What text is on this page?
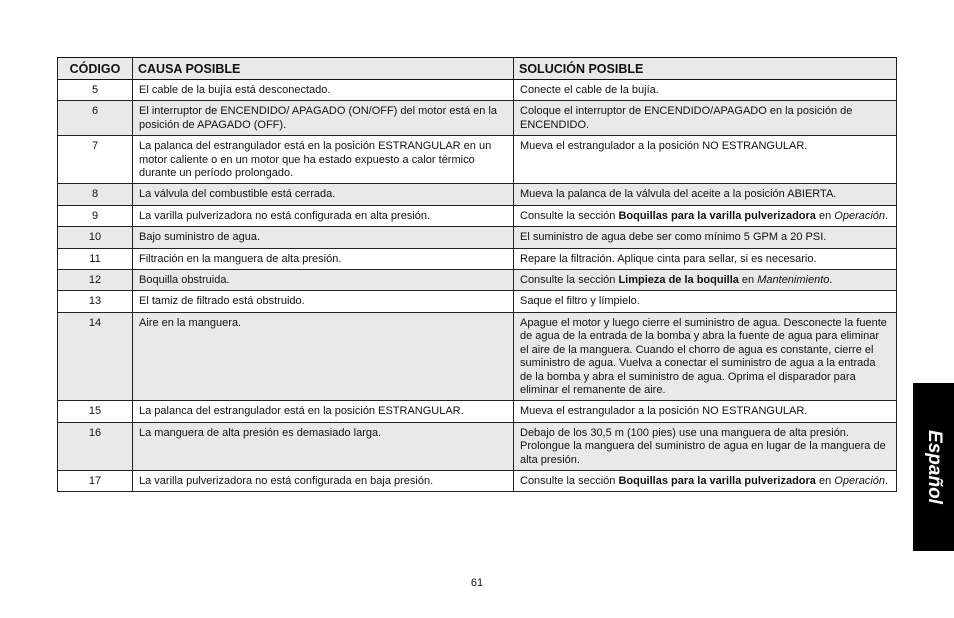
CÓDIGO	CAUSA POSIBLE	SOLUCIÓN POSIBLE
5	El cable de la bujía está desconectado.	Conecte el cable de la bujía.
6	El interruptor de ENCENDIDO/ APAGADO (ON/OFF) del motor está en la posición de APAGADO (OFF).	Coloque el interruptor de ENCENDIDO/APAGADO en la posición de ENCENDIDO.
7	La palanca del estrangulador está en la posición ESTRANGULAR en un motor caliente o en un motor que ha estado expuesto a calor térmico durante un período prolongado.	Mueva el estrangulador a la posición NO ESTRANGULAR.
8	La válvula del combustible está cerrada.	Mueva la palanca de la válvula del aceite a la posición ABIERTA.
9	La varilla pulverizadora no está configurada en alta presión.	Consulte la sección Boquillas para la varilla pulverizadora en Operación.
10	Bajo suministro de agua.	El suministro de agua debe ser como mínimo 5 GPM a 20 PSI.
11	Filtración en la manguera de alta presión.	Repare la filtración. Aplique cinta para sellar, si es necesario.
12	Boquilla obstruida.	Consulte la sección Limpieza de la boquilla en Mantenimiento.
13	El tamiz de filtrado está obstruido.	Saque el filtro y límpielo.
14	Aire en la manguera.	Apague el motor y luego cierre el suministro de agua. Desconecte la fuente de agua de la entrada de la bomba y abra la fuente de agua para eliminar el aire de la manguera. Cuando el chorro de agua es constante, cierre el suministro de agua. Vuelva a conectar el suministro de agua a la entrada de la bomba y abra el suministro de agua. Oprima el disparador para eliminar el remanente de aire.
15	La palanca del estrangulador está en la posición ESTRANGULAR.	Mueva el estrangulador a la posición NO ESTRANGULAR.
16	La manguera de alta presión es demasiado larga.	Debajo de los 30,5 m (100 pies) use una manguera de alta presión. Prolongue la manguera del suministro de agua en lugar de la manguera de alta presión.
17	La varilla pulverizadora no está configurada en baja presión.	Consulte la sección Boquillas para la varilla pulverizadora en Operación. Español
61
